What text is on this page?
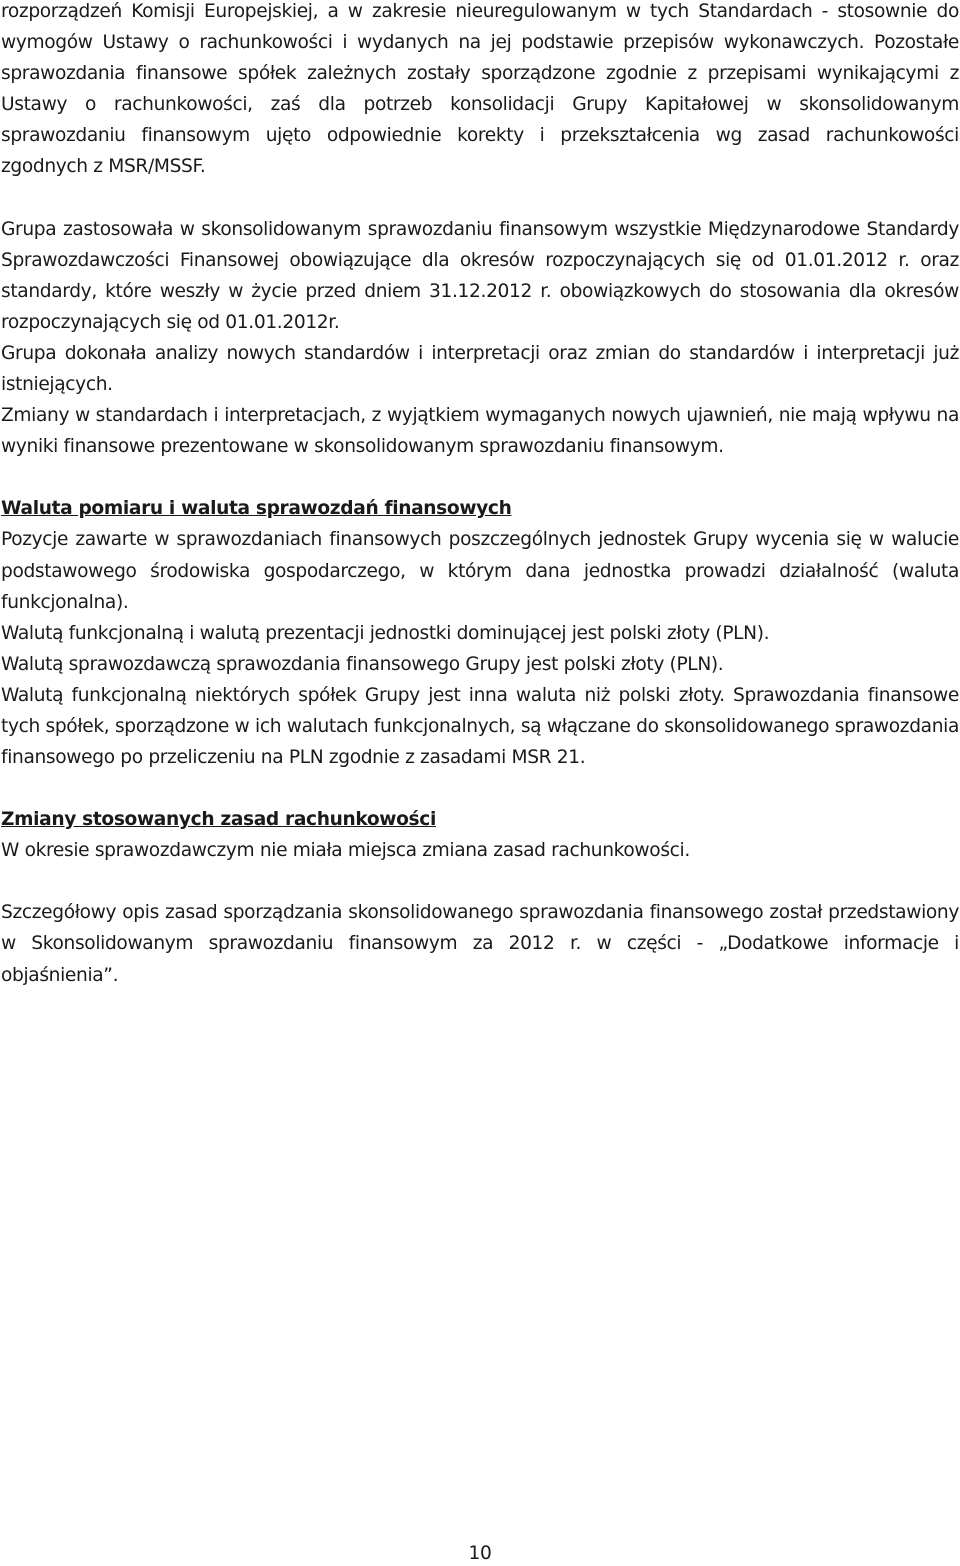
rozporządzeń Komisji Europejskiej, a w zakresie nieuregulowanym w tych Standardach - stosownie do wymogów Ustawy o rachunkowości i wydanych na jej podstawie przepisów wykonawczych. Pozostałe sprawozdania finansowe spółek zależnych zostały sporządzone zgodnie z przepisami wynikającymi z Ustawy o rachunkowości, zaś dla potrzeb konsolidacji Grupy Kapitałowej w skonsolidowanym sprawozdaniu finansowym ujęto odpowiednie korekty i przekształcenia wg zasad rachunkowości zgodnych z MSR/MSSF.

Grupa zastosowała w skonsolidowanym sprawozdaniu finansowym wszystkie Międzynarodowe Standardy Sprawozdawczości Finansowej obowiązujące dla okresów rozpoczynających się od 01.01.2012 r. oraz standardy, które weszły w życie przed dniem 31.12.2012 r. obowiązkowych do stosowania dla okresów rozpoczynających się od 01.01.2012r.

Grupa dokonała analizy nowych standardów i interpretacji oraz zmian do standardów i interpretacji już istniejących.

Zmiany w standardach i interpretacjach, z wyjątkiem wymaganych nowych ujawnień, nie mają wpływu na wyniki finansowe prezentowane w skonsolidowanym sprawozdaniu finansowym.

Waluta pomiaru i waluta sprawozdań finansowych

Pozycje zawarte w sprawozdaniach finansowych poszczególnych jednostek Grupy wycenia się w walucie podstawowego środowiska gospodarczego, w którym dana jednostka prowadzi działalność (waluta funkcjonalna).

Walutą funkcjonalną i walutą prezentacji jednostki dominującej jest polski złoty (PLN).

Walutą sprawozdawczą sprawozdania finansowego Grupy jest polski złoty (PLN).

Walutą funkcjonalną niektórych spółek Grupy jest inna waluta niż polski złoty. Sprawozdania finansowe tych spółek, sporządzone w ich walutach funkcjonalnych, są włączane do skonsolidowanego sprawozdania finansowego po przeliczeniu na PLN zgodnie z zasadami MSR 21.

Zmiany stosowanych zasad rachunkowości

W okresie sprawozdawczym nie miała miejsca zmiana zasad rachunkowości.

Szczegółowy opis zasad sporządzania skonsolidowanego sprawozdania finansowego został przedstawiony w Skonsolidowanym sprawozdaniu finansowym za 2012 r. w części - „Dodatkowe informacje i objaśnienia”.

10
